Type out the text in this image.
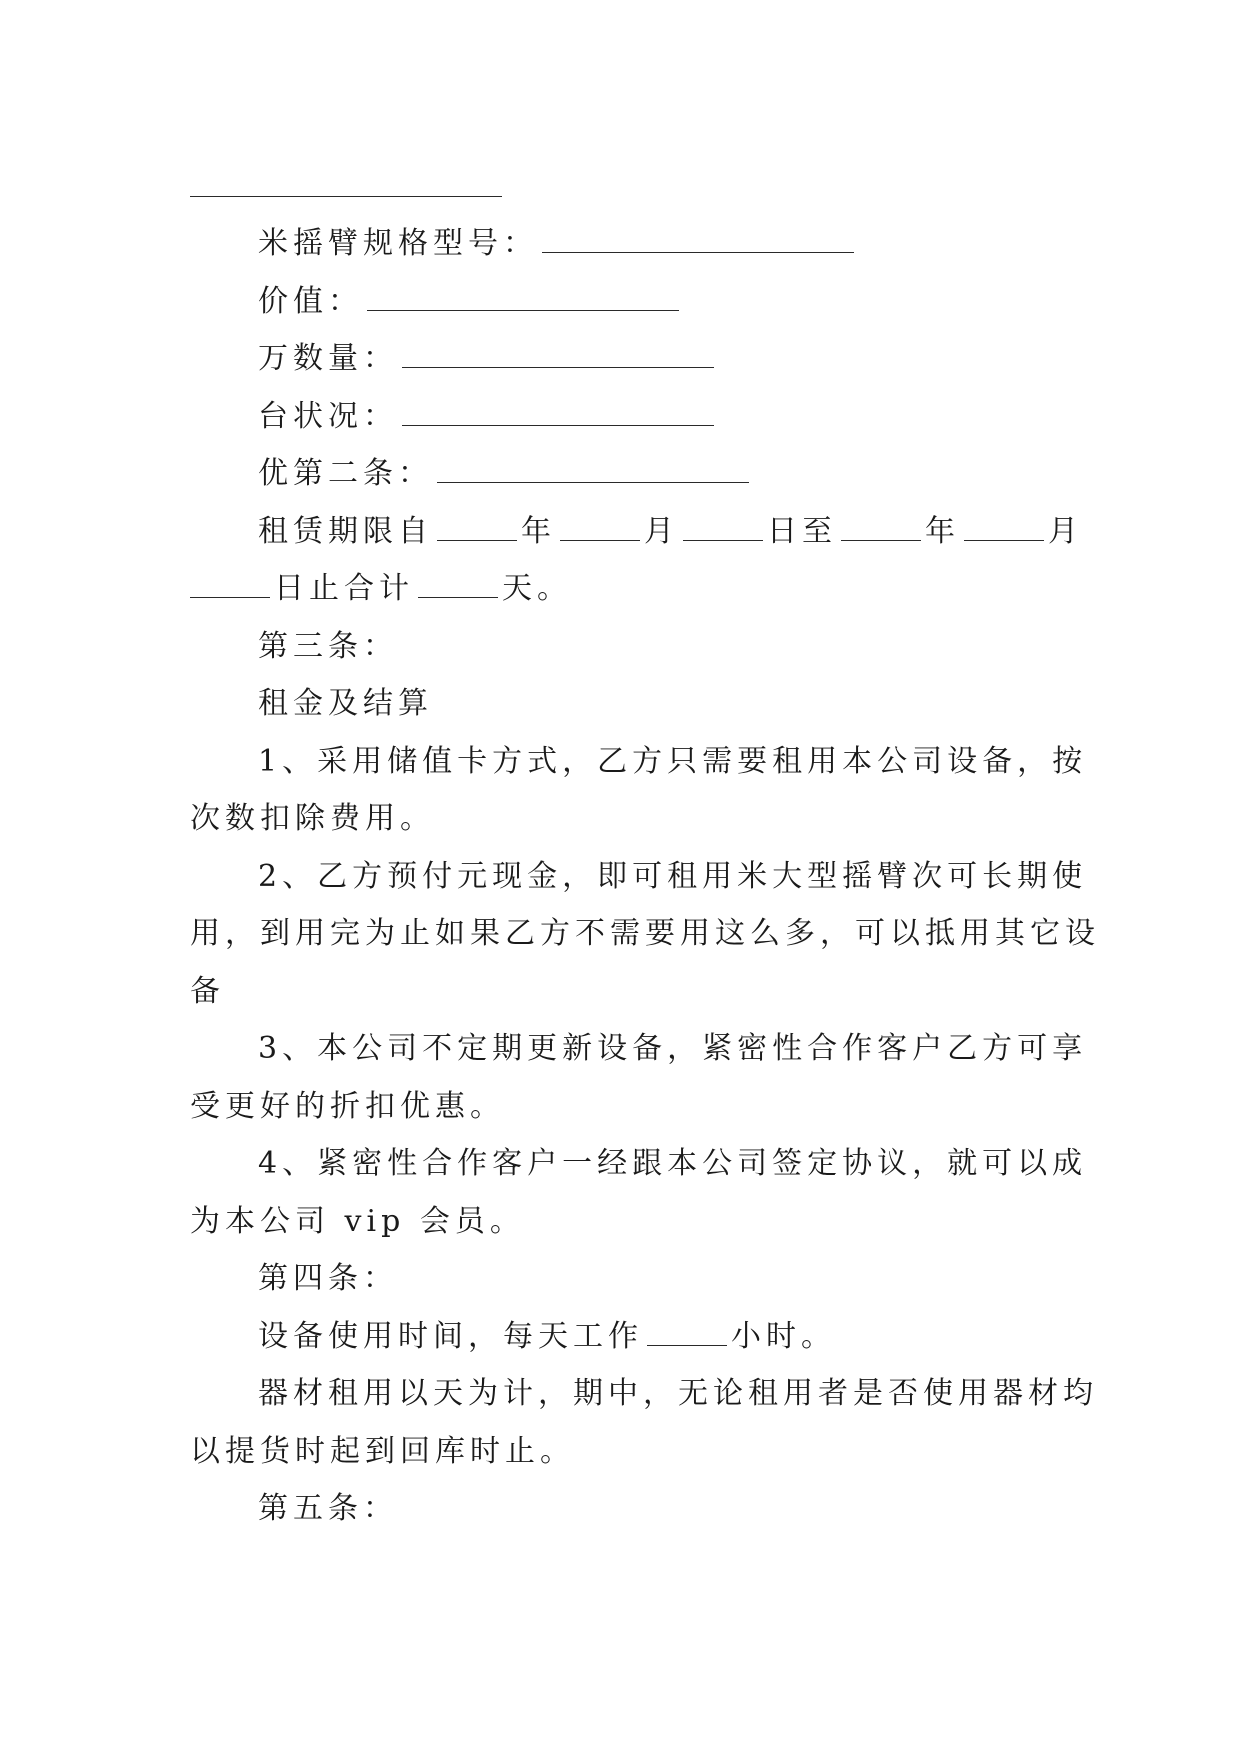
米摇臂规格型号：
价值：
万数量：
台状况：
优第二条：
租赁期限自	年	月	日至	年	月
日止合计	天。
第三条：
租金及结算
1、采用储值卡方式，乙方只需要租用本公司设备，按
次数扣除费用。
2、乙方预付元现金，即可租用米大型摇臂次可长期使
用，到用完为止如果乙方不需要用这么多，可以抵用其它设
备
3、本公司不定期更新设备，紧密性合作客户乙方可享
受更好的折扣优惠。
4、紧密性合作客户一经跟本公司签定协议，就可以成
为本公司 vip 会员。
第四条：
设备使用时间，每天工作	小时。
器材租用以天为计，期中，无论租用者是否使用器材均
以提货时起到回库时止。
第五条：
